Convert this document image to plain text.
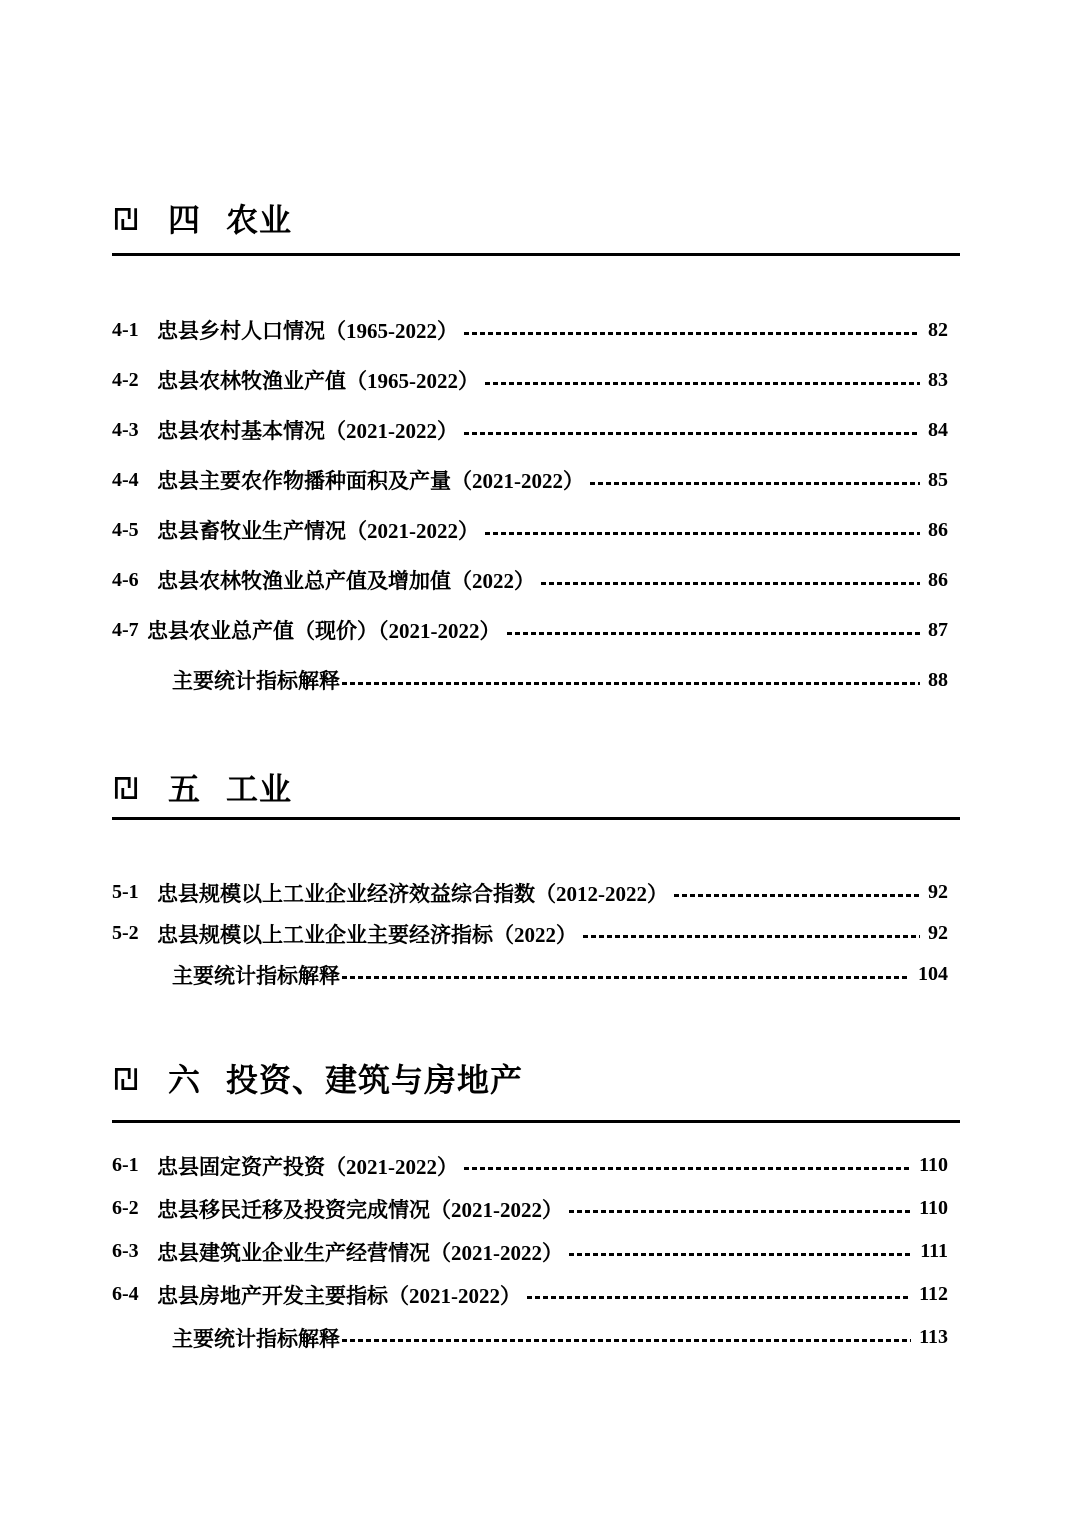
四 农业
4-1 忠县乡村人口情况（1965-2022）	82
4-2 忠县农林牧渔业产值（1965-2022）	83
4-3 忠县农村基本情况（2021-2022）	84
4-4 忠县主要农作物播种面积及产量（2021-2022）	85
4-5 忠县畜牧业生产情况（2021-2022）	86
4-6 忠县农林牧渔业总产值及增加值（2022）	86
4-7 忠县农业总产值（现价）（2021-2022）	87
主要统计指标解释	88
五 工业
5-1 忠县规模以上工业企业经济效益综合指数（2012-2022）	92
5-2 忠县规模以上工业企业主要经济指标（2022）	92
主要统计指标解释	104
六 投资、建筑与房地产
6-1 忠县固定资产投资（2021-2022）	110
6-2 忠县移民迁移及投资完成情况（2021-2022）	110
6-3 忠县建筑业企业生产经营情况（2021-2022）	111
6-4 忠县房地产开发主要指标（2021-2022）	112
主要统计指标解释	113
